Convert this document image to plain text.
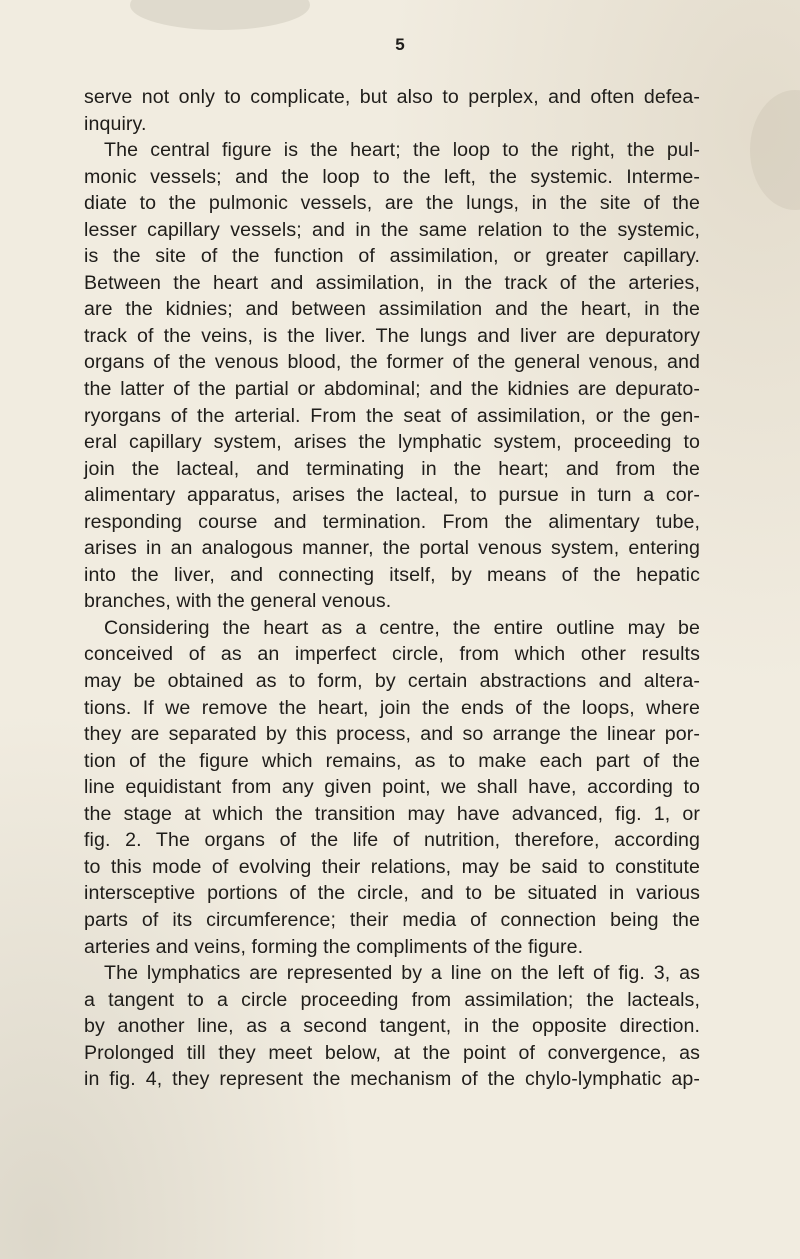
5
serve not only to complicate, but also to perplex, and often defea-
inquiry.
The central figure is the heart; the loop to the right, the pul-
monic vessels; and the loop to the left, the systemic. Interme-
diate to the pulmonic vessels, are the lungs, in the site of the
lesser capillary vessels; and in the same relation to the systemic,
is the site of the function of assimilation, or greater capillary.
Between the heart and assimilation, in the track of the arteries,
are the kidnies; and between assimilation and the heart, in the
track of the veins, is the liver. The lungs and liver are depuratory
organs of the venous blood, the former of the general venous, and
the latter of the partial or abdominal; and the kidnies are depurato-
ryorgans of the arterial. From the seat of assimilation, or the gen-
eral capillary system, arises the lymphatic system, proceeding to
join the lacteal, and terminating in the heart; and from the
alimentary apparatus, arises the lacteal, to pursue in turn a cor-
responding course and termination. From the alimentary tube,
arises in an analogous manner, the portal venous system, entering
into the liver, and connecting itself, by means of the hepatic
branches, with the general venous.
Considering the heart as a centre, the entire outline may be
conceived of as an imperfect circle, from which other results
may be obtained as to form, by certain abstractions and altera-
tions. If we remove the heart, join the ends of the loops, where
they are separated by this process, and so arrange the linear por-
tion of the figure which remains, as to make each part of the
line equidistant from any given point, we shall have, according to
the stage at which the transition may have advanced, fig. 1, or
fig. 2. The organs of the life of nutrition, therefore, according
to this mode of evolving their relations, may be said to constitute
intersceptive portions of the circle, and to be situated in various
parts of its circumference; their media of connection being the
arteries and veins, forming the compliments of the figure.
The lymphatics are represented by a line on the left of fig. 3, as
a tangent to a circle proceeding from assimilation; the lacteals,
by another line, as a second tangent, in the opposite direction.
Prolonged till they meet below, at the point of convergence, as
in fig. 4, they represent the mechanism of the chylo-lymphatic ap-
